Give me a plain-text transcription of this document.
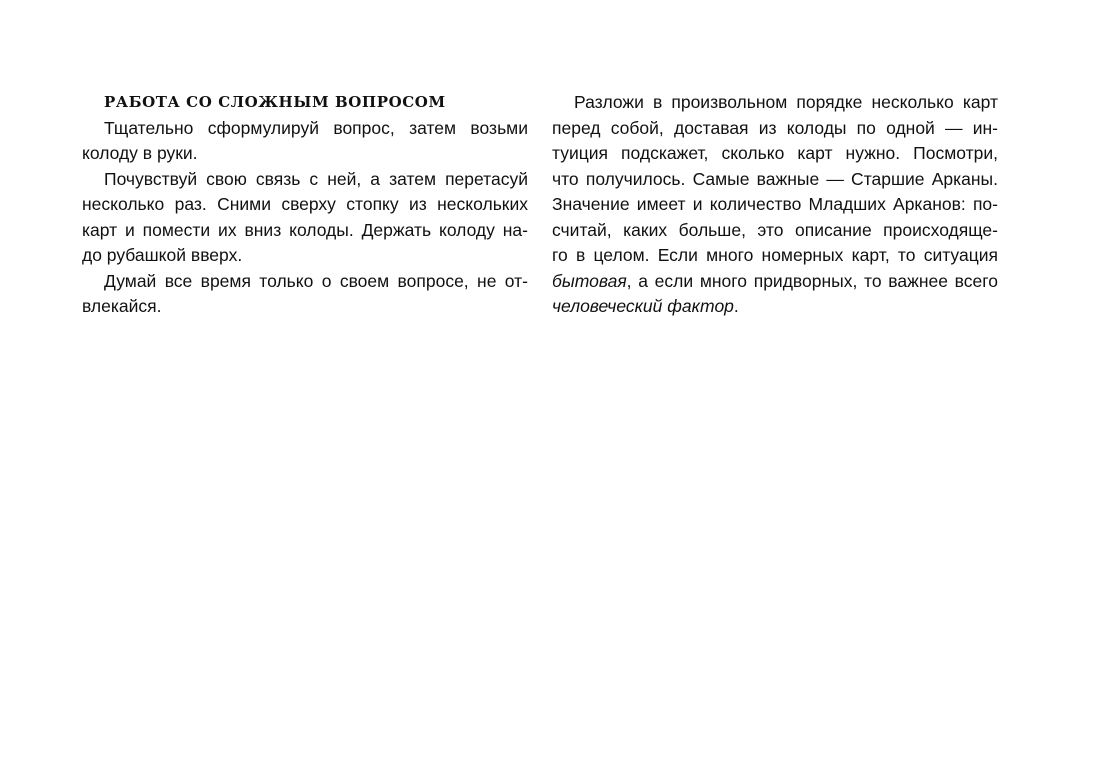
РАБОТА СО СЛОЖНЫМ ВОПРОСОМ
Тщательно сформулируй вопрос, затем возьми
колоду в руки.
Почувствуй свою связь с ней, а затем перетасуй
несколько раз. Сними сверху стопку из нескольких
карт и помести их вниз колоды. Держать колоду на-
до рубашкой вверх.
Думай все время только о своем вопросе, не от-
влекайся.
Разложи в произвольном порядке несколько карт
перед собой, доставая из колоды по одной — ин-
туиция подскажет, сколько карт нужно. Посмотри,
что получилось. Самые важные — Старшие Арканы.
Значение имеет и количество Младших Арканов: по-
считай, каких больше, это описание происходяще-
го в целом. Если много номерных карт, то ситуация
бытовая, а если много придворных, то важнее всего
человеческий фактор.
